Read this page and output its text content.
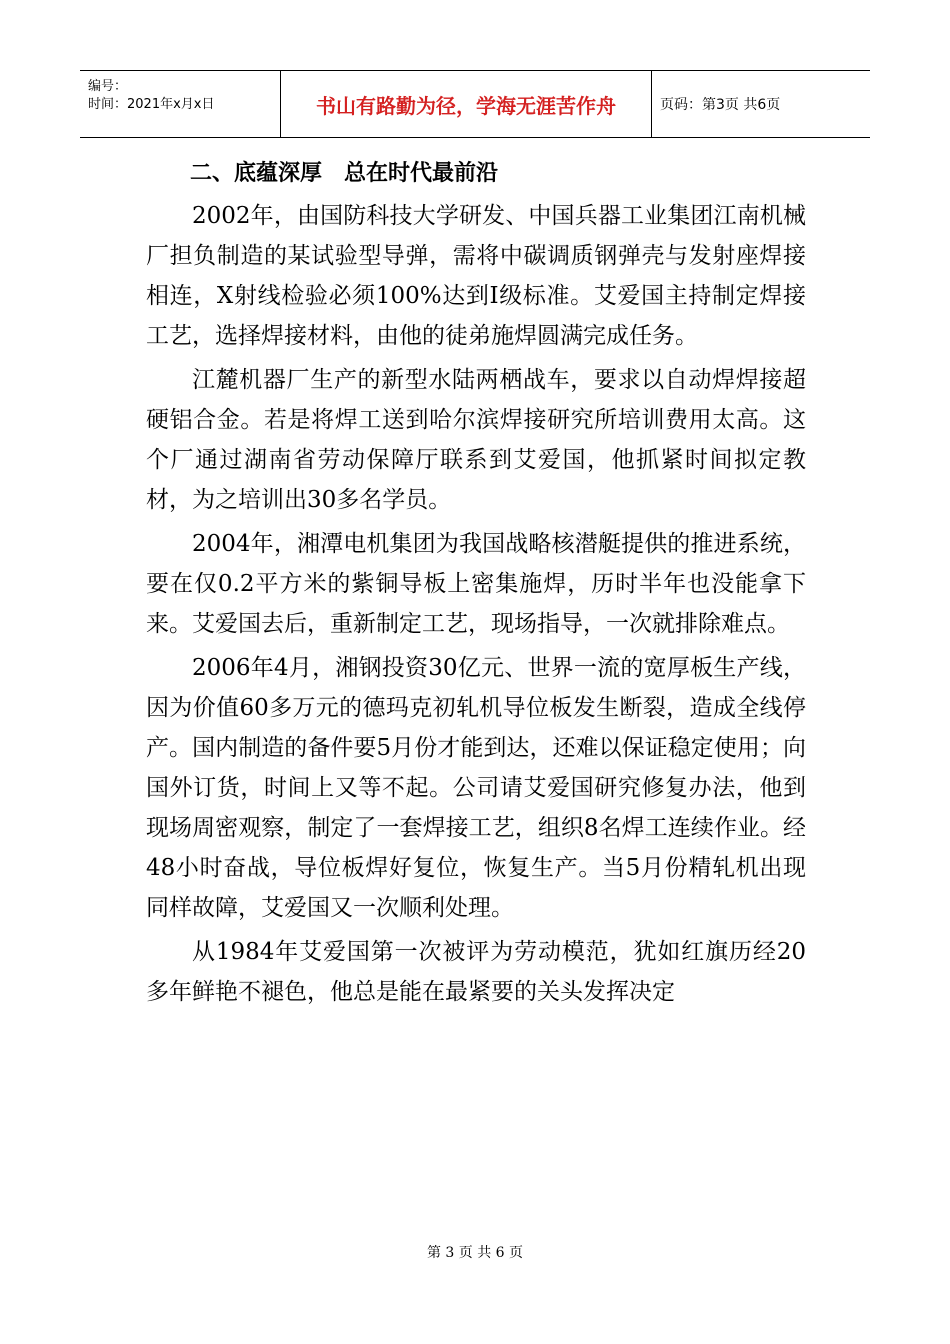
编号：
时间：2021年x月x日	书山有路勤为径，学海无涯苦作舟	页码：第3页 共6页
二、底蕴深厚　总在时代最前沿

2002年，由国防科技大学研发、中国兵器工业集团江南机械厂担负制造的某试验型导弹，需将中碳调质钢弹壳与发射座焊接相连，X射线检验必须100%达到Ⅰ级标准。艾爱国主持制定焊接工艺，选择焊接材料，由他的徒弟施焊圆满完成任务。

江麓机器厂生产的新型水陆两栖战车，要求以自动焊焊接超硬铝合金。若是将焊工送到哈尔滨焊接研究所培训费用太高。这个厂通过湖南省劳动保障厅联系到艾爱国，他抓紧时间拟定教材，为之培训出30多名学员。

2004年，湘潭电机集团为我国战略核潜艇提供的推进系统，要在仅0.2平方米的紫铜导板上密集施焊，历时半年也没能拿下来。艾爱国去后，重新制定工艺，现场指导，一次就排除难点。

2006年4月，湘钢投资30亿元、世界一流的宽厚板生产线，因为价值60多万元的德玛克初轧机导位板发生断裂，造成全线停产。国内制造的备件要5月份才能到达，还难以保证稳定使用；向国外订货，时间上又等不起。公司请艾爱国研究修复办法，他到现场周密观察，制定了一套焊接工艺，组织8名焊工连续作业。经48小时奋战，导位板焊好复位，恢复生产。当5月份精轧机出现同样故障，艾爱国又一次顺利处理。

从1984年艾爱国第一次被评为劳动模范，犹如红旗历经20多年鲜艳不褪色，他总是能在最紧要的关头发挥决定

第 3 页 共 6 页
